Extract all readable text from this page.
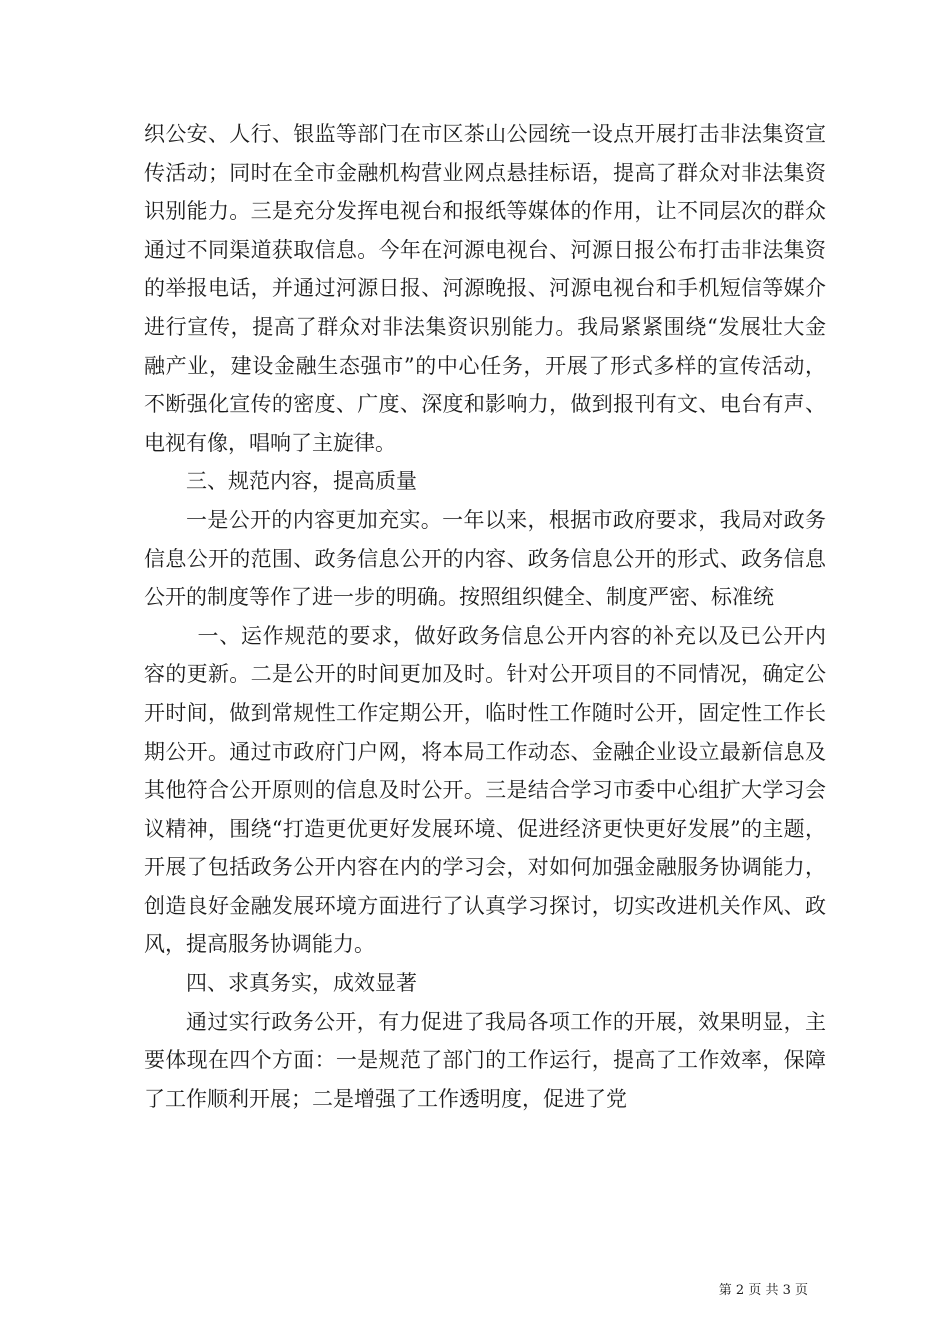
织公安、人行、银监等部门在市区茶山公园统一设点开展打击非法集资宣传活动；同时在全市金融机构营业网点悬挂标语，提高了群众对非法集资识别能力。三是充分发挥电视台和报纸等媒体的作用，让不同层次的群众通过不同渠道获取信息。今年在河源电视台、河源日报公布打击非法集资的举报电话，并通过河源日报、河源晚报、河源电视台和手机短信等媒介进行宣传，提高了群众对非法集资识别能力。我局紧紧围绕“发展壮大金融产业，建设金融生态强市”的中心任务，开展了形式多样的宣传活动，不断强化宣传的密度、广度、深度和影响力，做到报刊有文、电台有声、电视有像，唱响了主旋律。

三、规范内容，提高质量

一是公开的内容更加充实。一年以来，根据市政府要求，我局对政务信息公开的范围、政务信息公开的内容、政务信息公开的形式、政务信息公开的制度等作了进一步的明确。按照组织健全、制度严密、标准统

一、运作规范的要求，做好政务信息公开内容的补充以及已公开内容的更新。二是公开的时间更加及时。针对公开项目的不同情况，确定公开时间，做到常规性工作定期公开，临时性工作随时公开，固定性工作长期公开。通过市政府门户网，将本局工作动态、金融企业设立最新信息及其他符合公开原则的信息及时公开。三是结合学习市委中心组扩大学习会议精神，围绕“打造更优更好发展环境、促进经济更快更好发展”的主题，开展了包括政务公开内容在内的学习会，对如何加强金融服务协调能力，创造良好金融发展环境方面进行了认真学习探讨，切实改进机关作风、政风，提高服务协调能力。

四、求真务实，成效显著

通过实行政务公开，有力促进了我局各项工作的开展，效果明显，主要体现在四个方面：一是规范了部门的工作运行，提高了工作效率，保障了工作顺利开展；二是增强了工作透明度，促进了党

第 2 页 共 3 页
